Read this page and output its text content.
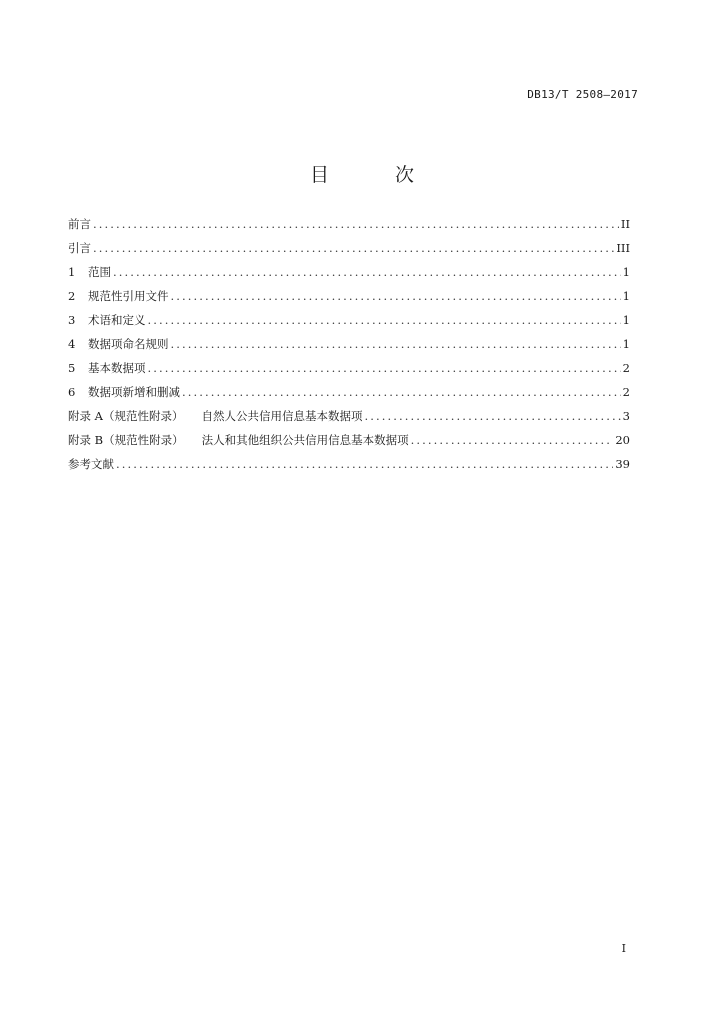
DB13/T 2508—2017
目 次
前言 .....	II
引言 .....	III
1	范围 .....	1
2	规范性引用文件 .....	1
3	术语和定义 .....	1
4	数据项命名规则 .....	1
5	基本数据项 .....	2
6	数据项新增和删减 .....	2
附录 A（规范性附录） 自然人公共信用信息基本数据项 .....	3
附录 B（规范性附录） 法人和其他组织公共信用信息基本数据项 .....	20
参考文献 .....	39
I
